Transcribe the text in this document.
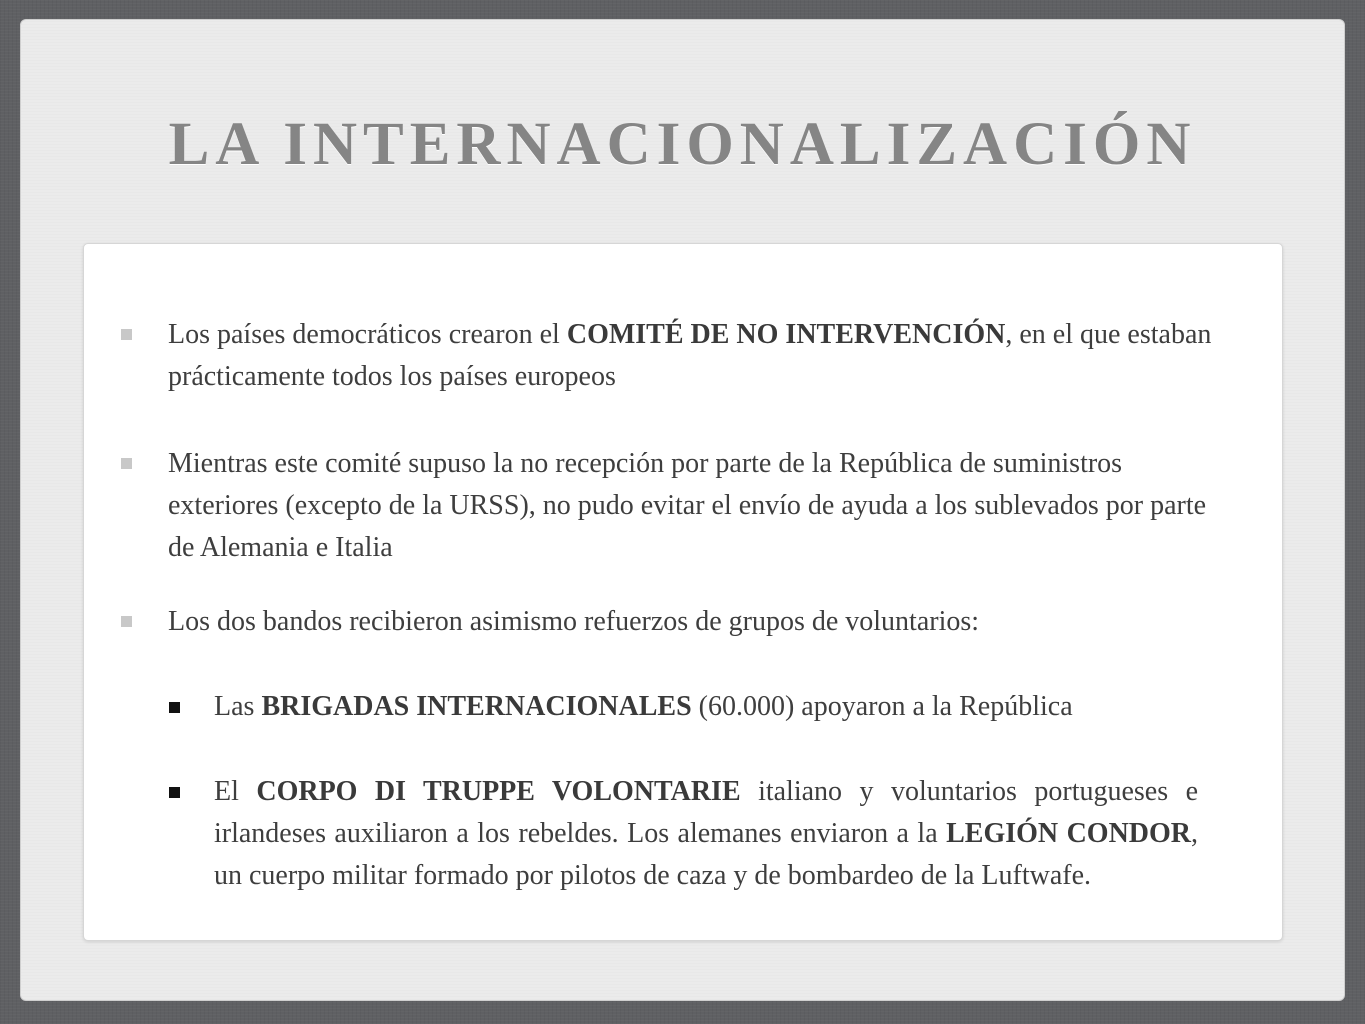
LA INTERNACIONALIZACIÓN

Los países democráticos crearon el COMITÉ DE NO INTERVENCIÓN, en el que estaban prácticamente todos los países europeos

Mientras este comité supuso la no recepción por parte de la República de suministros exteriores (excepto de la URSS), no pudo evitar el envío de ayuda a los sublevados por parte de Alemania e Italia

Los dos bandos recibieron asimismo refuerzos de grupos de voluntarios:

Las BRIGADAS INTERNACIONALES (60.000) apoyaron a la República

El CORPO DI TRUPPE VOLONTARIE italiano y voluntarios portugueses e irlandeses auxiliaron a los rebeldes. Los alemanes enviaron a la LEGIÓN CONDOR, un cuerpo militar formado por pilotos de caza y de bombardeo de la Luftwafe.
